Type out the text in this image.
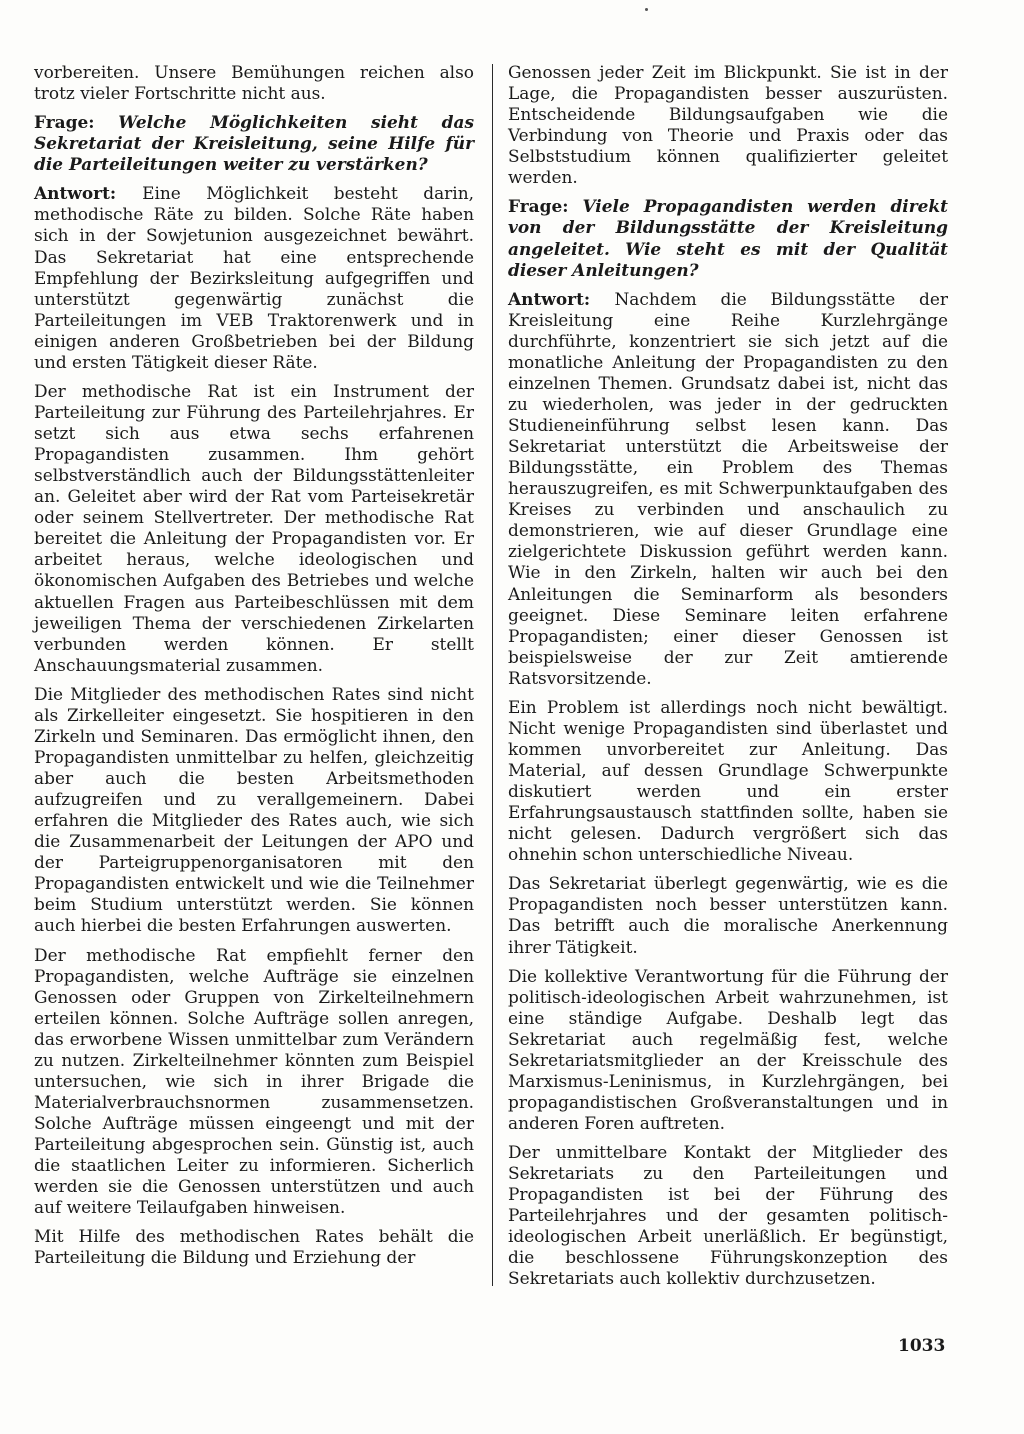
vorbereiten. Unsere Bemühungen reichen also trotz vieler Fortschritte nicht aus.

Frage: Welche Möglichkeiten sieht das Sekretariat der Kreisleitung, seine Hilfe für die Parteileitungen weiter zu verstärken?

Antwort: Eine Möglichkeit besteht darin, methodische Räte zu bilden. Solche Räte haben sich in der Sowjetunion ausgezeichnet bewährt. Das Sekretariat hat eine entsprechende Empfehlung der Bezirksleitung aufgegriffen und unterstützt gegenwärtig zunächst die Parteileitungen im VEB Traktorenwerk und in einigen anderen Großbetrieben bei der Bildung und ersten Tätigkeit dieser Räte.

Der methodische Rat ist ein Instrument der Parteileitung zur Führung des Parteilehrjahres. Er setzt sich aus etwa sechs erfahrenen Propagandisten zusammen. Ihm gehört selbstverständlich auch der Bildungsstättenleiter an. Geleitet aber wird der Rat vom Parteisekretär oder seinem Stellvertreter. Der methodische Rat bereitet die Anleitung der Propagandisten vor. Er arbeitet heraus, welche ideologischen und ökonomischen Aufgaben des Betriebes und welche aktuellen Fragen aus Parteibeschlüssen mit dem jeweiligen Thema der verschiedenen Zirkelarten verbunden werden können. Er stellt Anschauungsmaterial zusammen.

Die Mitglieder des methodischen Rates sind nicht als Zirkelleiter eingesetzt. Sie hospitieren in den Zirkeln und Seminaren. Das ermöglicht ihnen, den Propagandisten unmittelbar zu helfen, gleichzeitig aber auch die besten Arbeitsmethoden aufzugreifen und zu verallgemeinern. Dabei erfahren die Mitglieder des Rates auch, wie sich die Zusammenarbeit der Leitungen der APO und der Parteigruppenorganisatoren mit den Propagandisten entwickelt und wie die Teilnehmer beim Studium unterstützt werden. Sie können auch hierbei die besten Erfahrungen auswerten.

Der methodische Rat empfiehlt ferner den Propagandisten, welche Aufträge sie einzelnen Genossen oder Gruppen von Zirkelteilnehmern erteilen können. Solche Aufträge sollen anregen, das erworbene Wissen unmittelbar zum Verändern zu nutzen. Zirkelteilnehmer könnten zum Beispiel untersuchen, wie sich in ihrer Brigade die Materialverbrauchsnormen zusammensetzen. Solche Aufträge müssen eingeengt und mit der Parteileitung abgesprochen sein. Günstig ist, auch die staatlichen Leiter zu informieren. Sicherlich werden sie die Genossen unterstützen und auch auf weitere Teilaufgaben hinweisen.

Mit Hilfe des methodischen Rates behält die Parteileitung die Bildung und Erziehung der

Genossen jeder Zeit im Blickpunkt. Sie ist in der Lage, die Propagandisten besser auszurüsten. Entscheidende Bildungsaufgaben wie die Verbindung von Theorie und Praxis oder das Selbststudium können qualifizierter geleitet werden.

Frage: Viele Propagandisten werden direkt von der Bildungsstätte der Kreisleitung angeleitet. Wie steht es mit der Qualität dieser Anleitungen?

Antwort: Nachdem die Bildungsstätte der Kreisleitung eine Reihe Kurzlehrgänge durchführte, konzentriert sie sich jetzt auf die monatliche Anleitung der Propagandisten zu den einzelnen Themen. Grundsatz dabei ist, nicht das zu wiederholen, was jeder in der gedruckten Studieneinführung selbst lesen kann. Das Sekretariat unterstützt die Arbeitsweise der Bildungsstätte, ein Problem des Themas herauszugreifen, es mit Schwerpunktaufgaben des Kreises zu verbinden und anschaulich zu demonstrieren, wie auf dieser Grundlage eine zielgerichtete Diskussion geführt werden kann. Wie in den Zirkeln, halten wir auch bei den Anleitungen die Seminarform als besonders geeignet. Diese Seminare leiten erfahrene Propagandisten; einer dieser Genossen ist beispielsweise der zur Zeit amtierende Ratsvorsitzende.

Ein Problem ist allerdings noch nicht bewältigt. Nicht wenige Propagandisten sind überlastet und kommen unvorbereitet zur Anleitung. Das Material, auf dessen Grundlage Schwerpunkte diskutiert werden und ein erster Erfahrungsaustausch stattfinden sollte, haben sie nicht gelesen. Dadurch vergrößert sich das ohnehin schon unterschiedliche Niveau.

Das Sekretariat überlegt gegenwärtig, wie es die Propagandisten noch besser unterstützen kann. Das betrifft auch die moralische Anerkennung ihrer Tätigkeit.

Die kollektive Verantwortung für die Führung der politisch-ideologischen Arbeit wahrzunehmen, ist eine ständige Aufgabe. Deshalb legt das Sekretariat auch regelmäßig fest, welche Sekretariatsmitglieder an der Kreisschule des Marxismus-Leninismus, in Kurzlehrgängen, bei propagandistischen Großveranstaltungen und in anderen Foren auftreten.

Der unmittelbare Kontakt der Mitglieder des Sekretariats zu den Parteileitungen und Propagandisten ist bei der Führung des Parteilehrjahres und der gesamten politisch-ideologischen Arbeit unerläßlich. Er begünstigt, die beschlossene Führungskonzeption des Sekretariats auch kollektiv durchzusetzen.

1033
